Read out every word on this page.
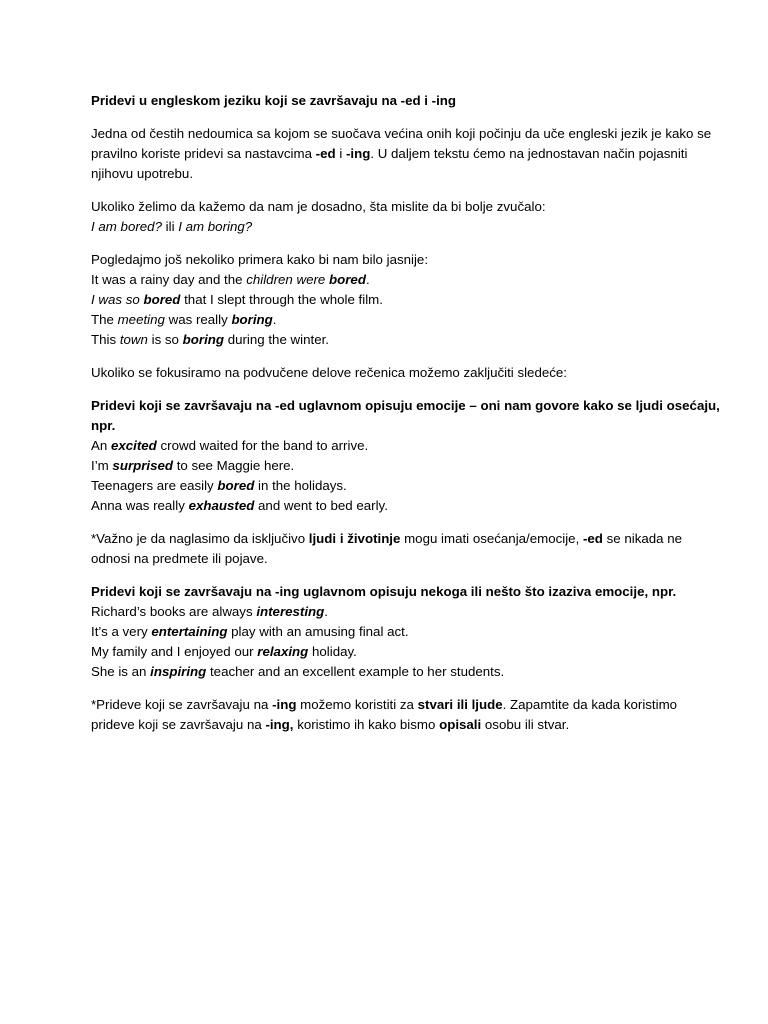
Pridevi u engleskom jeziku koji se završavaju na -ed i -ing

Jedna od čestih nedoumica sa kojom se suočava većina onih koji počinju da uče engleski jezik je kako se
pravilno koriste pridevi sa nastavcima -ed i -ing. U daljem tekstu ćemo na jednostavan način pojasniti
njihovu upotrebu.

Ukoliko želimo da kažemo da nam je dosadno, šta mislite da bi bolje zvučalo:
I am bored? ili I am boring?

Pogledajmo još nekoliko primera kako bi nam bilo jasnije:
It was a rainy day and the children were bored.
I was so bored that I slept through the whole film.
The meeting was really boring.
This town is so boring during the winter.

Ukoliko se fokusiramo na podvučene delove rečenica možemo zaključiti sledeće:

Pridevi koji se završavaju na -ed uglavnom opisuju emocije – oni nam govore kako se ljudi osećaju,
npr.
An excited crowd waited for the band to arrive.
I’m surprised to see Maggie here.
Teenagers are easily bored in the holidays.
Anna was really exhausted and went to bed early.

*Važno je da naglasimo da isključivo ljudi i životinje mogu imati osećanja/emocije, -ed se nikada ne
odnosi na predmete ili pojave.

Pridevi koji se završavaju na -ing uglavnom opisuju nekoga ili nešto što izaziva emocije, npr.
Richard’s books are always interesting.
It’s a very entertaining play with an amusing final act.
My family and I enjoyed our relaxing holiday.
She is an inspiring teacher and an excellent example to her students.

*Prideve koji se završavaju na -ing možemo koristiti za stvari ili ljude. Zapamtite da kada koristimo
prideve koji se završavaju na -ing, koristimo ih kako bismo opisali osobu ili stvar.
